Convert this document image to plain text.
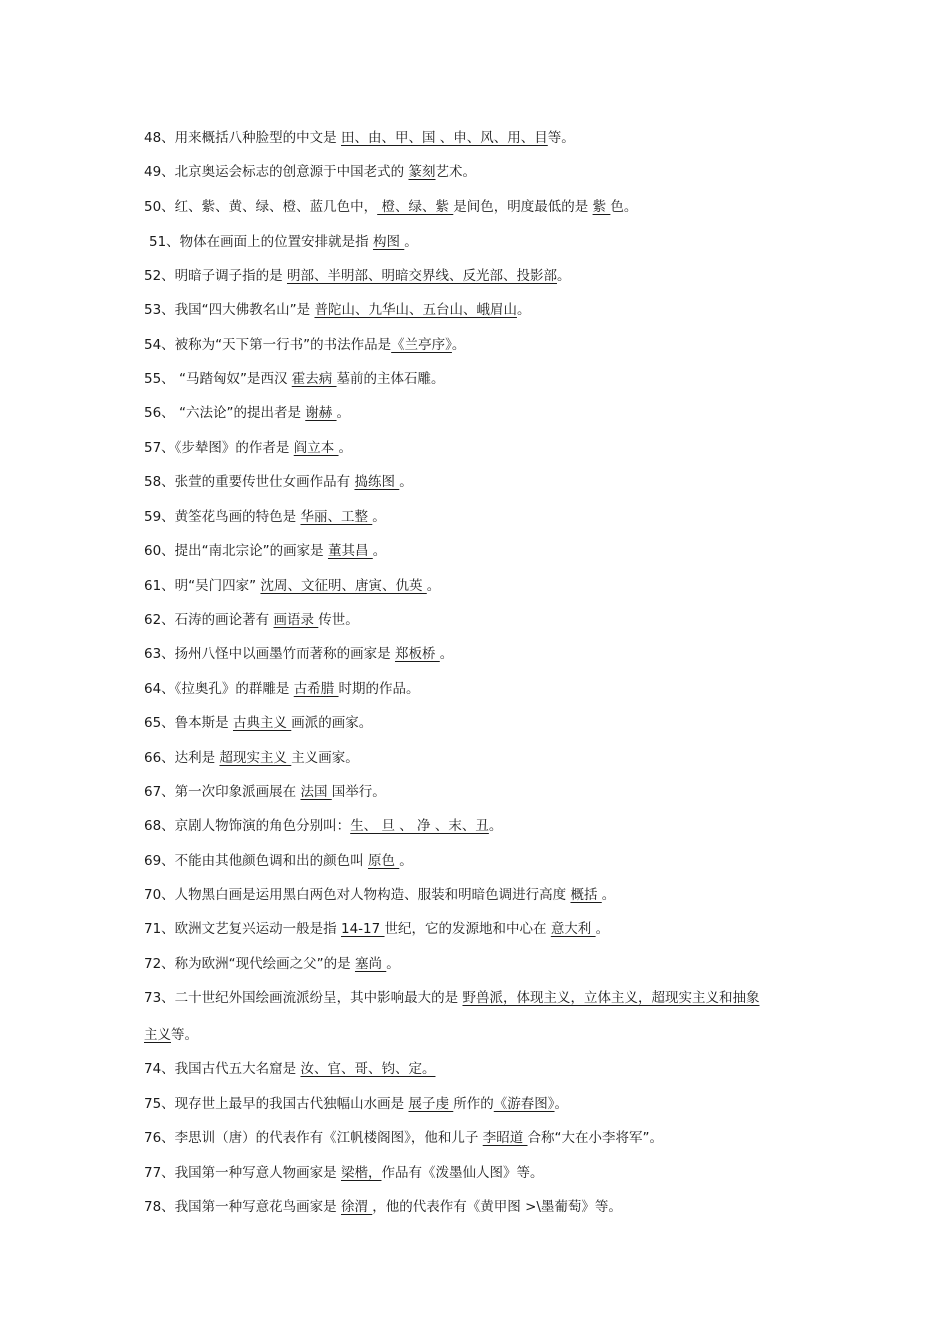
48、用来概括八种脸型的中文是 田、由、甲、国 、申、风、用、目等。
49、北京奥运会标志的创意源于中国老式的 篆刻艺术。
50、红、紫、黄、绿、橙、蓝几色中， 橙、绿、紫 是间色，明度最低的是 紫 色。
51、物体在画面上的位置安排就是指 构图 。
52、明暗子调子指的是 明部、半明部、明暗交界线、反光部、投影部。
53、我国“四大佛教名山”是 普陀山、九华山、五台山、峨眉山。
54、被称为“天下第一行书”的书法作品是《兰亭序》。
55、 “马踏匈奴”是西汉 霍去病 墓前的主体石雕。
56、 “六法论”的提出者是 谢赫 。
57、《步辇图》的作者是 阎立本 。
58、张萱的重要传世仕女画作品有 捣练图 。
59、黄筌花鸟画的特色是 华丽、工整 。
60、提出“南北宗论”的画家是 董其昌 。
61、明“吴门四家” 沈周、文征明、唐寅、仇英 。
62、石涛的画论著有 画语录 传世。
63、扬州八怪中以画墨竹而著称的画家是 郑板桥 。
64、《拉奥孔》的群雕是 古希腊 时期的作品。
65、鲁本斯是 古典主义 画派的画家。
66、达利是 超现实主义 主义画家。
67、第一次印象派画展在 法国 国举行。
68、京剧人物饰演的角色分别叫：生、 旦 、 净 、末、丑。
69、不能由其他颜色调和出的颜色叫 原色 。
70、人物黑白画是运用黑白两色对人物构造、服装和明暗色调进行高度 概括 。
71、欧洲文艺复兴运动一般是指 14-17 世纪，它的发源地和中心在 意大利 。
72、称为欧洲“现代绘画之父”的是 塞尚 。
73、二十世纪外国绘画流派纷呈，其中影响最大的是 野兽派，体现主义，立体主义，超现实主义和抽象
主义等。
74、我国古代五大名窟是 汝、官、哥、钧、定。
75、现存世上最早的我国古代独幅山水画是 展子虔 所作的《游春图》。
76、李思训（唐）的代表作有《江帆楼阁图》，他和儿子 李昭道 合称“大在小李将军”。
77、我国第一种写意人物画家是 梁楷，作品有《泼墨仙人图》等。
78、我国第一种写意花鸟画家是 徐渭 ，他的代表作有《黄甲图 >\墨葡萄》等。
